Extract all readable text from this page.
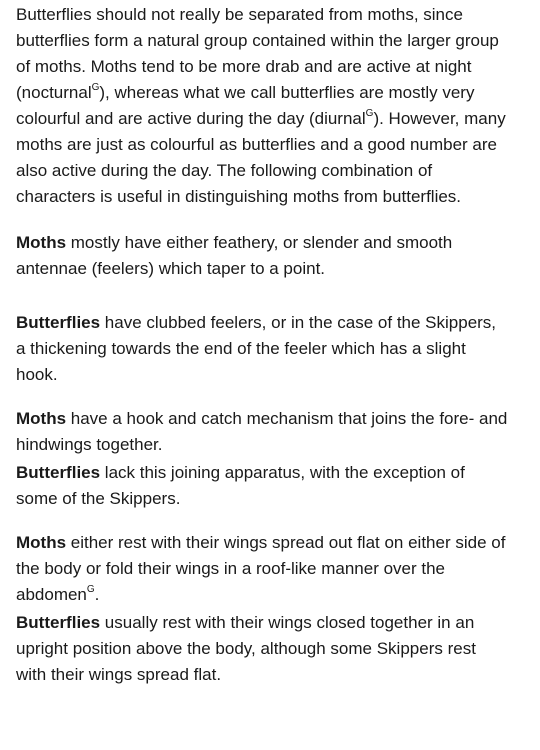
Butterflies should not really be separated from moths, since butterflies form a natural group contained within the larger group of moths. Moths tend to be more drab and are active at night (nocturnal$^G$), whereas what we call butterflies are mostly very colourful and are active during the day (diurnal$^G$). However, many moths are just as colourful as butterflies and a good number are also active during the day. The following combination of characters is useful in distinguishing moths from butterflies.

Moths mostly have either feathery, or slender and smooth antennae (feelers) which taper to a point.

Butterflies have clubbed feelers, or in the case of the Skippers, a thickening towards the end of the feeler which has a slight hook.

Moths have a hook and catch mechanism that joins the fore- and hindwings together.

Butterflies lack this joining apparatus, with the exception of some of the Skippers.

Moths either rest with their wings spread out flat on either side of the body or fold their wings in a roof-like manner over the abdomen$^G$.

Butterflies usually rest with their wings closed together in an upright position above the body, although some Skippers rest with their wings spread flat.
